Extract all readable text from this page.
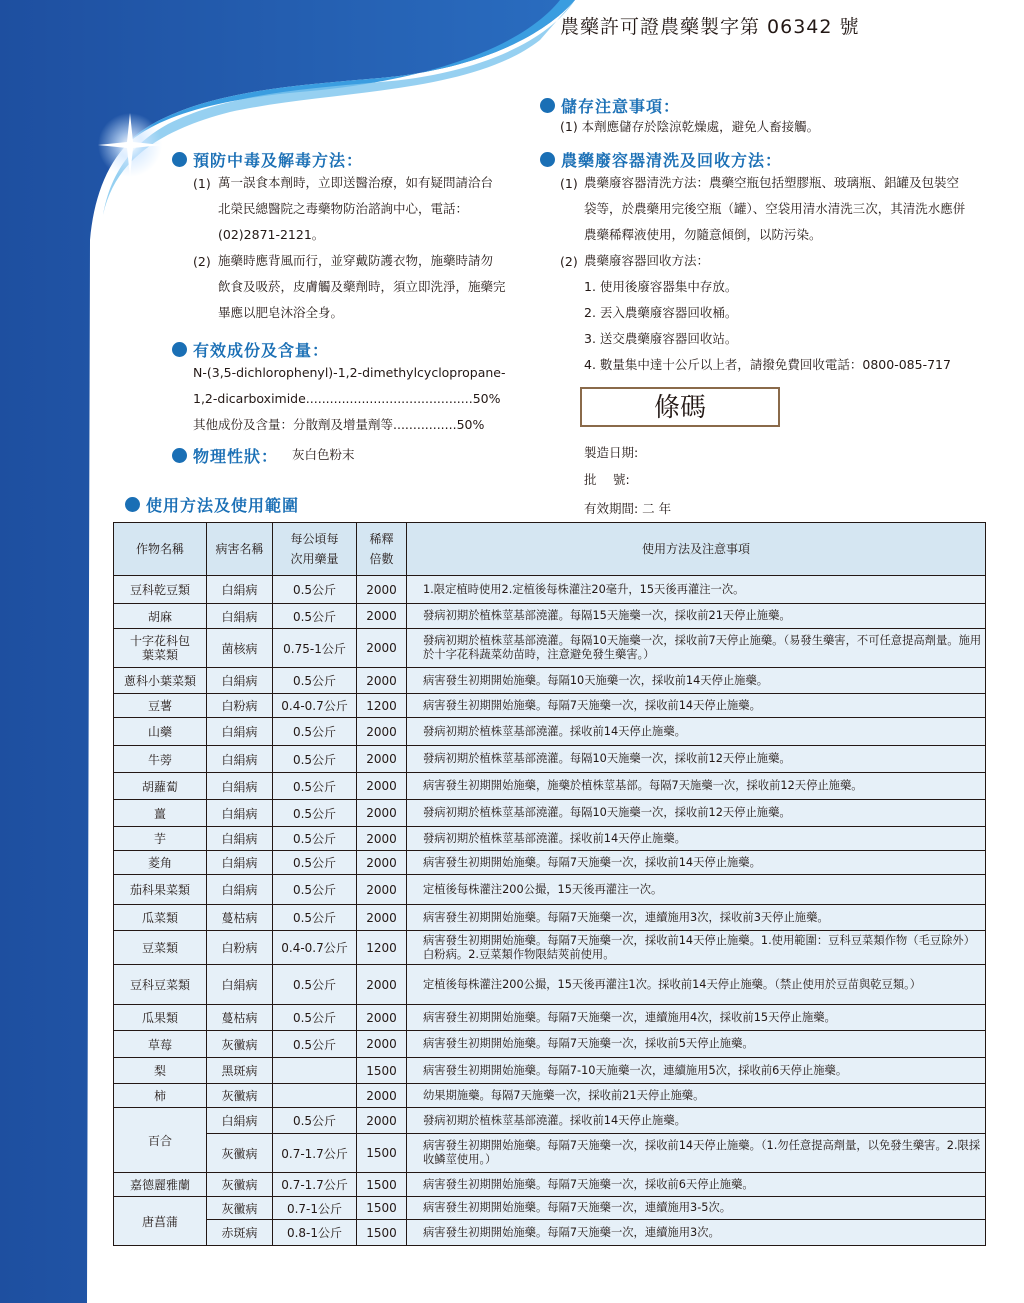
農藥許可證農藥製字第 06342 號
預防中毒及解毒方法：
(1) 萬一誤食本劑時，立即送醫治療，如有疑問請洽台
北榮民總醫院之毒藥物防治諮詢中心，電話：
(02)2871-2121。
(2) 施藥時應背風而行，並穿戴防護衣物，施藥時請勿
飲食及吸菸，皮膚觸及藥劑時，須立即洗淨，施藥完
畢應以肥皂沐浴全身。
有效成份及含量：
N-(3,5-dichlorophenyl)-1,2-dimethylcyclopropane-
1,2-dicarboximide..........................................50%
其他成份及含量：分散劑及增量劑等................50%
物理性狀： 灰白色粉末
使用方法及使用範圍
儲存注意事項：
(1) 本劑應儲存於陰涼乾燥處，避免人畜接觸。
農藥廢容器清洗及回收方法：
(1) 農藥廢容器清洗方法：農藥空瓶包括塑膠瓶、玻璃瓶、鋁罐及包裝空
袋等，於農藥用完後空瓶（罐）、空袋用清水清洗三次，其清洗水應併
農藥稀釋液使用，勿隨意傾倒，以防污染。
(2) 農藥廢容器回收方法：
1. 使用後廢容器集中存放。
2. 丟入農藥廢容器回收桶。
3. 送交農藥廢容器回收站。
4. 數量集中達十公斤以上者，請撥免費回收電話：0800-085-717
條碼
製造日期:
批　 號:
有效期間: 二 年
作物名稱	病害名稱	每公頃每次用藥量	稀釋倍數	使用方法及注意事項
豆科乾豆類	白絹病	0.5公斤	2000	1.限定植時使用2.定植後每株灌注20毫升，15天後再灌注一次。
胡麻	白絹病	0.5公斤	2000	發病初期於植株莖基部澆灌。每隔15天施藥一次，採收前21天停止施藥。
十字花科包葉菜類	菌核病	0.75-1公斤	2000	發病初期於植株莖基部澆灌。每隔10天施藥一次，採收前7天停止施藥。（易發生藥害，不可任意提高劑量。施用於十字花科蔬菜幼苗時，注意避免發生藥害。）
蔥科小葉菜類	白絹病	0.5公斤	2000	病害發生初期開始施藥。每隔10天施藥一次，採收前14天停止施藥。
豆薯	白粉病	0.4-0.7公斤	1200	病害發生初期開始施藥。每隔7天施藥一次，採收前14天停止施藥。
山藥	白絹病	0.5公斤	2000	發病初期於植株莖基部澆灌。採收前14天停止施藥。
牛蒡	白絹病	0.5公斤	2000	發病初期於植株莖基部澆灌。每隔10天施藥一次，採收前12天停止施藥。
胡蘿蔔	白絹病	0.5公斤	2000	病害發生初期開始施藥，施藥於植株莖基部。每隔7天施藥一次，採收前12天停止施藥。
薑	白絹病	0.5公斤	2000	發病初期於植株莖基部澆灌。每隔10天施藥一次，採收前12天停止施藥。
芋	白絹病	0.5公斤	2000	發病初期於植株莖基部澆灌。採收前14天停止施藥。
菱角	白絹病	0.5公斤	2000	病害發生初期開始施藥。每隔7天施藥一次，採收前14天停止施藥。
茄科果菜類	白絹病	0.5公斤	2000	定植後每株灌注200公撮，15天後再灌注一次。
瓜菜類	蔓枯病	0.5公斤	2000	病害發生初期開始施藥。每隔7天施藥一次，連續施用3次，採收前3天停止施藥。
豆菜類	白粉病	0.4-0.7公斤	1200	病害發生初期開始施藥。每隔7天施藥一次，採收前14天停止施藥。1.使用範圍：豆科豆菜類作物（毛豆除外）白粉病。2.豆菜類作物限結莢前使用。
豆科豆菜類	白絹病	0.5公斤	2000	定植後每株灌注200公撮，15天後再灌注1次。採收前14天停止施藥。（禁止使用於豆苗與乾豆類。）
瓜果類	蔓枯病	0.5公斤	2000	病害發生初期開始施藥。每隔7天施藥一次，連續施用4次，採收前15天停止施藥。
草莓	灰黴病	0.5公斤	2000	病害發生初期開始施藥。每隔7天施藥一次，採收前5天停止施藥。
梨	黑斑病		1500	病害發生初期開始施藥。每隔7-10天施藥一次，連續施用5次，採收前6天停止施藥。
柿	灰黴病		2000	幼果期施藥。每隔7天施藥一次，採收前21天停止施藥。
百合	白絹病	0.5公斤	2000	發病初期於植株莖基部澆灌。採收前14天停止施藥。
	灰黴病	0.7-1.7公斤	1500	病害發生初期開始施藥。每隔7天施藥一次，採收前14天停止施藥。（1.勿任意提高劑量，以免發生藥害。2.限採收鱗莖使用。）
嘉德麗雅蘭	灰黴病	0.7-1.7公斤	1500	病害發生初期開始施藥。每隔7天施藥一次，採收前6天停止施藥。
唐菖蒲	灰黴病	0.7-1公斤	1500	病害發生初期開始施藥。每隔7天施藥一次，連續施用3-5次。
	赤斑病	0.8-1公斤	1500	病害發生初期開始施藥。每隔7天施藥一次，連續施用3次。
